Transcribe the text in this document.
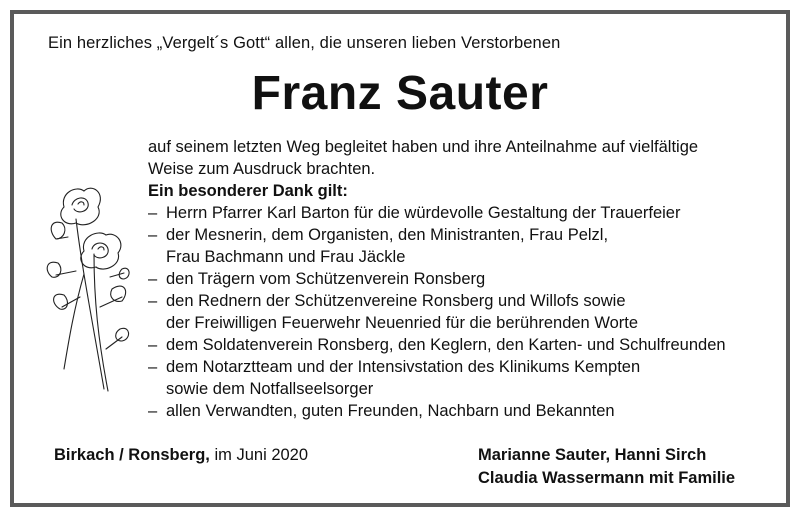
Ein herzliches „Vergelt´s Gott“ allen, die unseren lieben Verstorbenen
Franz Sauter

auf seinem letzten Weg begleitet haben und ihre Anteilnahme auf vielfältige
Weise zum Ausdruck brachten.

Ein besonderer Dank gilt:

– Herrn Pfarrer Karl Barton für die würdevolle Gestaltung der Trauerfeier
– der Mesnerin, dem Organisten, den Ministranten, Frau Pelzl,
Frau Bachmann und Frau Jäckle
– den Trägern vom Schützenverein Ronsberg
– den Rednern der Schützenvereine Ronsberg und Willofs sowie
der Freiwilligen Feuerwehr Neuenried für die berührenden Worte
– dem Soldatenverein Ronsberg, den Keglern, den Karten- und Schulfreunden
– dem Notarztteam und der Intensivstation des Klinikums Kempten
sowie dem Notfallseelsorger
– allen Verwandten, guten Freunden, Nachbarn und Bekannten
Birkach / Ronsberg, im Juni 2020	Marianne Sauter, Hanni Sirch
Claudia Wassermann mit Familie
